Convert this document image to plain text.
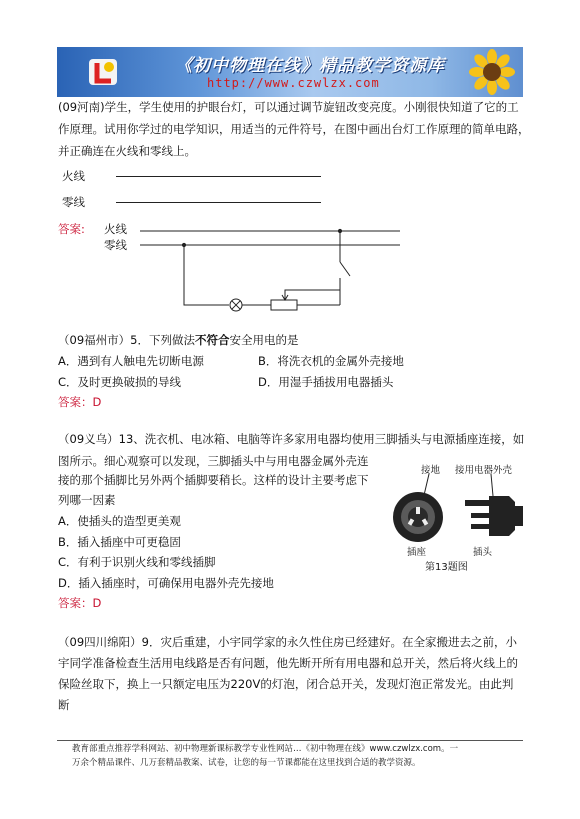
《初中物理在线》精品教学资源库
http://www.czwlzx.com
(09河南)学生，学生使用的护眼台灯，可以通过调节旋钮改变亮度。小刚很快知道了它的工
作原理。试用你学过的电学知识，用适当的元件符号，在图中画出台灯工作原理的简单电路，
并正确连在火线和零线上。
火线
零线
答案: 火线
零线
（09福州市）5．下列做法不符合安全用电的是
A．遇到有人触电先切断电源	B．将洗衣机的金属外壳接地
C．及时更换破损的导线	D．用湿手插拔用电器插头
答案：D
（09义乌）13、洗衣机、电冰箱、电脑等许多家用电器均使用三脚插头与电源插座连接，如
图所示。细心观察可以发现，三脚插头中与用电器金属外壳连
接的那个插脚比另外两个插脚要稍长。这样的设计主要考虑下
列哪一因素
A．使插头的造型更美观
B．插入插座中可更稳固
C．有利于识别火线和零线插脚
D．插入插座时，可确保用电器外壳先接地
答案：D
接地 接用电器外壳
插座	插头
第13题图
（09四川绵阳）9．灾后重建，小宇同学家的永久性住房已经建好。在全家搬进去之前，小
宇同学准备检查生活用电线路是否有问题，他先断开所有用电器和总开关，然后将火线上的
保险丝取下，换上一只额定电压为220V的灯泡，闭合总开关，发现灯泡正常发光。由此判
断
教育部重点推荐学科网站、初中物理新课标教学专业性网站…《初中物理在线》www.czwlzx.com。一
万余个精品课件、几万套精品教案、试卷，让您的每一节课都能在这里找到合适的教学资源。
